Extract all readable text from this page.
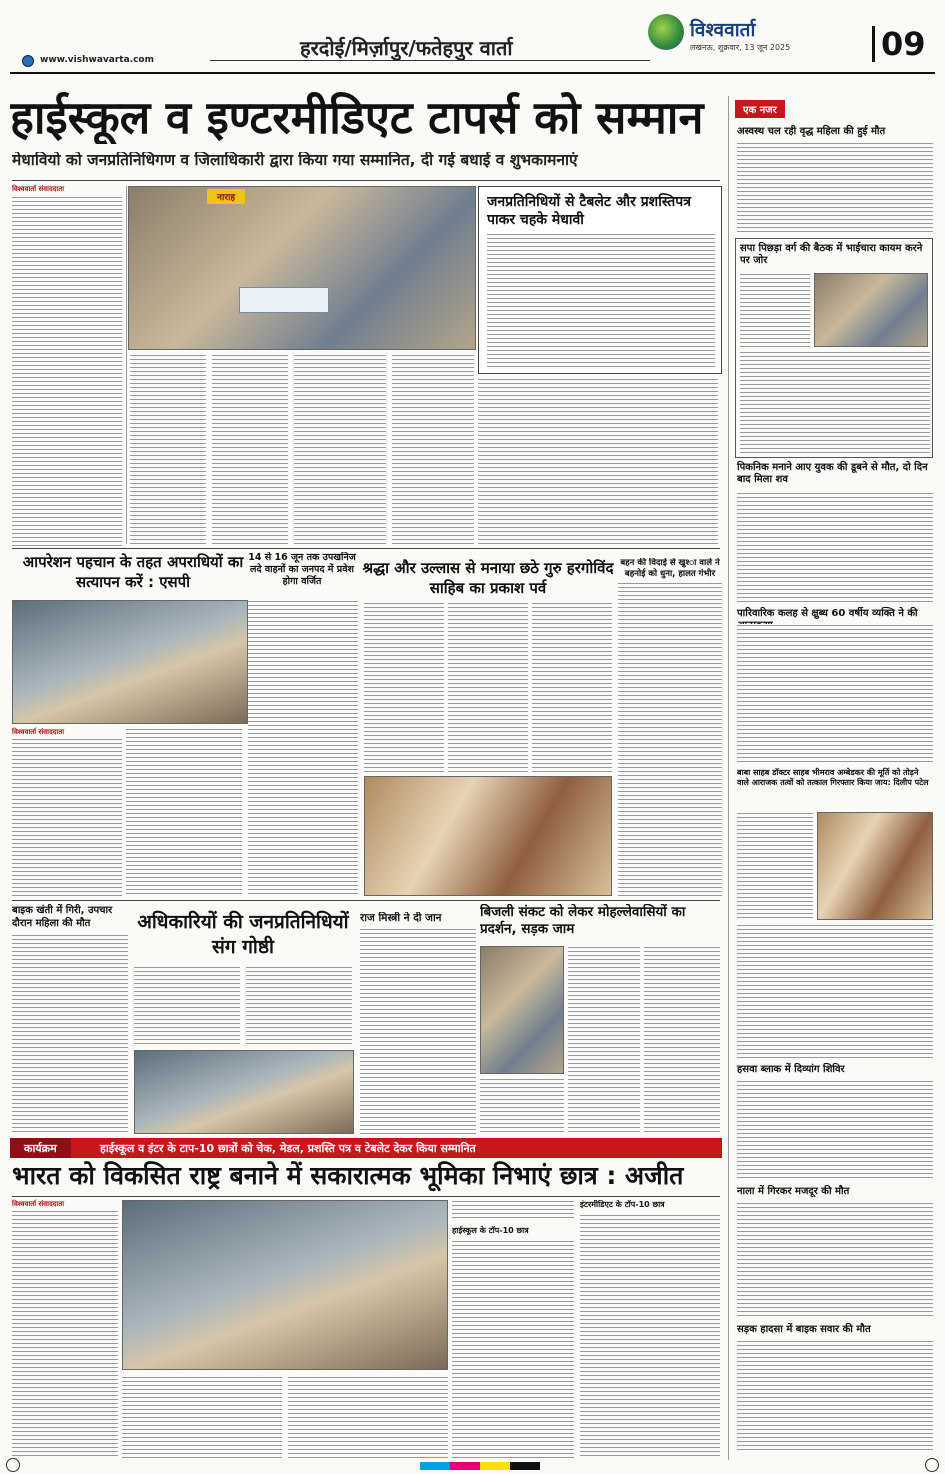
हरदोई/मिर्ज़ापुर/फतेहपुर वार्ता
www.vishwavarta.com
विश्ववार्ता
लखनऊ, शुक्रवार, 13 जून 2025	09
हाईस्कूल व इण्टरमीडिएट टापर्स को सम्मान
मेधावियो को जनप्रतिनिधिगण व जिलाधिकारी द्वारा किया गया सम्मानित, दी गई बधाई व शुभकामनाएं
विश्ववार्ता संवाददाता
नाराह	जनप्रतिनिधियों से टैबलेट और प्रशस्तिपत्र पाकर चहके मेधावी
आपरेशन पहचान के तहत अपराधियों का सत्यापन करें : एसपी
विश्ववार्ता संवाददाता
14 से 16 जून तक उपखनिज लदे वाहनों का जनपद में प्रवेश होगा वर्जित
श्रद्धा और उल्लास से मनाया छठे गुरु हरगोविंद साहिब का प्रकाश पर्व
बहन की विदाई से खुश्‍ा वाले ने बहनोई को धुना, हालत गंभीर
बाइक खंती में गिरी, उपचार दौरान महिला की मौत	अधिकारियों की जनप्रतिनिधियों संग गोष्ठी
राज मिस्त्री ने दी जान	बिजली संकट को लेकर मोहल्लेवासियों का प्रदर्शन, सड़क जाम
एक नजर
अस्वस्थ चल रही वृद्ध महिला की हुई मौत
सपा पिछड़ा वर्ग की बैठक में भाईचारा कायम करने पर जोर
पिकनिक मनाने आए युवक की डूबने से मौत, दो दिन बाद मिला शव
पारिवारिक कलह से क्षुब्ध 60 वर्षीय व्यक्ति ने की
बाबा साहब डॉक्टर साहब भीमराव अम्बेडकर की मूर्ति को तोड़ने वाले आराजक तत्वों को तत्काल गिरफ्तार किया जाय: दिलीप पटेल
हसवा ब्लाक में दिव्यांग शिविर
नाला में गिरकर मजदूर की मौत
सड़क हादसा में बाइक सवार की मौत
कार्यक्रम	हाईस्कूल व इंटर के टाप-10 छात्रों को चेक, मेडल, प्रशस्ति पत्र व टेबलेट देकर किया सम्मानित
भारत को विकसित राष्ट्र बनाने में सकारात्मक भूमिका निभाएं छात्र : अजीत
विश्ववार्ता संवाददाता
हाईस्कूल के टॉप-10 छात्र
इंटरमीडिएट के टॉप-10 छात्र
